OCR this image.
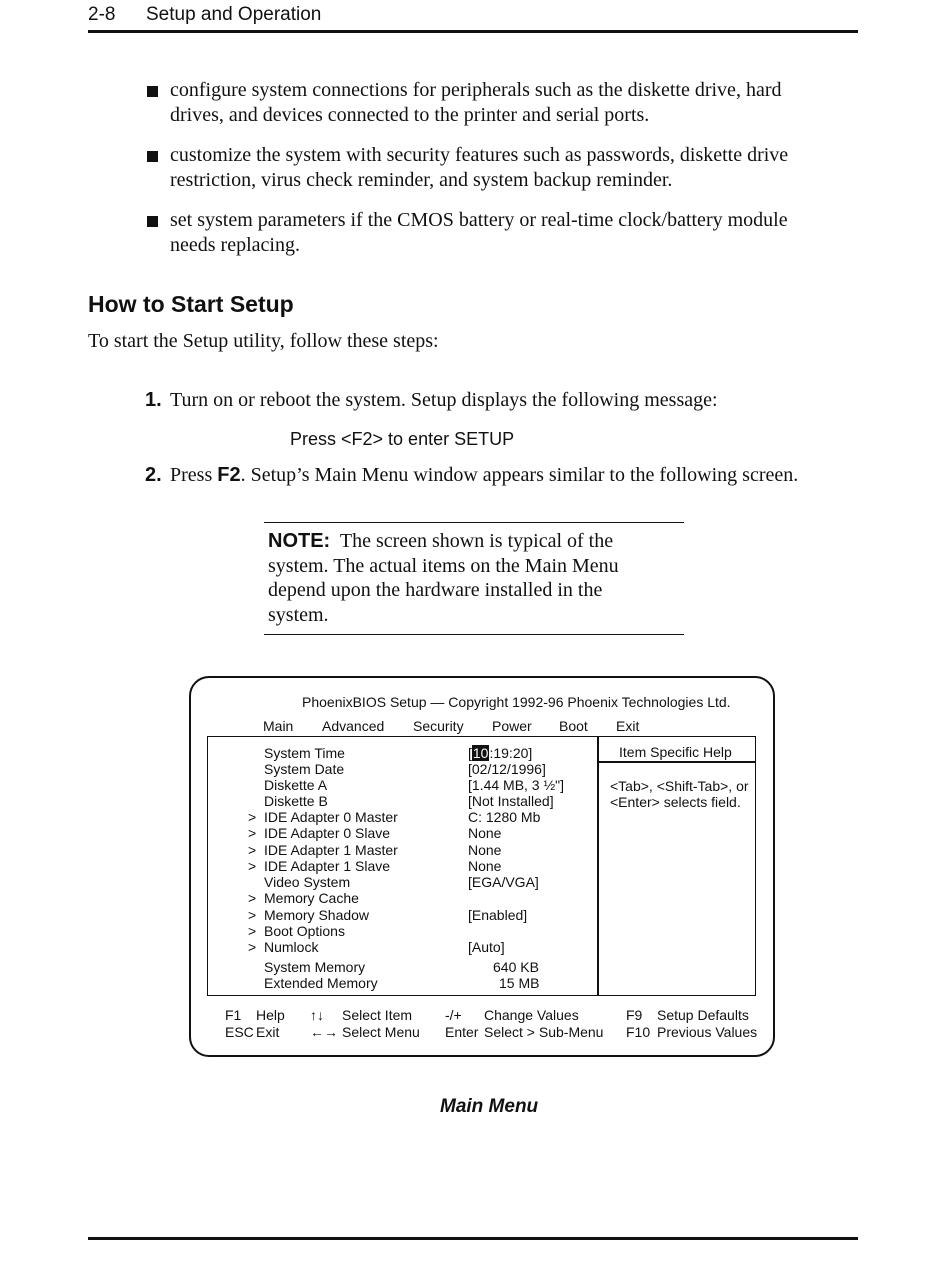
2-8 Setup and Operation
configure system connections for peripherals such as the diskette drive, hard
drives, and devices connected to the printer and serial ports.
customize the system with security features such as passwords, diskette drive
restriction, virus check reminder, and system backup reminder.
set system parameters if the CMOS battery or real-time clock/battery module
needs replacing.
How to Start Setup
To start the Setup utility, follow these steps:
1. Turn on or reboot the system. Setup displays the following message:
Press <F2> to enter SETUP
2. Press F2. Setup’s Main Menu window appears similar to the following screen.

NOTE: The screen shown is typical of the

system. The actual items on the Main Menu

depend upon the hardware installed in the

system.

PhoenixBIOS Setup — Copyright 1992-96 Phoenix Technologies Ltd.
Main Advanced Security Power Boot Exit
Item Specific Help
<Tab>, <Shift-Tab>, or
<Enter> selects field.
System Time	[10:19:20]
System Date	[02/12/1996]
Diskette A	[1.44 MB, 3 ½"]
Diskette B	[Not Installed]
> IDE Adapter 0 Master	C: 1280 Mb
> IDE Adapter 0 Slave	None
> IDE Adapter 1 Master	None
> IDE Adapter 1 Slave	None
Video System	[EGA/VGA]
> Memory Cache
> Memory Shadow	[Enabled]
> Boot Options
> Numlock	[Auto]
System Memory	640 KB
Extended Memory	15 MB
F1 Help ↑↓ Select Item -/+ Change Values	F9 Setup Defaults
ESC Exit ←→ Select Menu Enter Select > Sub-Menu F10 Previous Values
Main Menu
